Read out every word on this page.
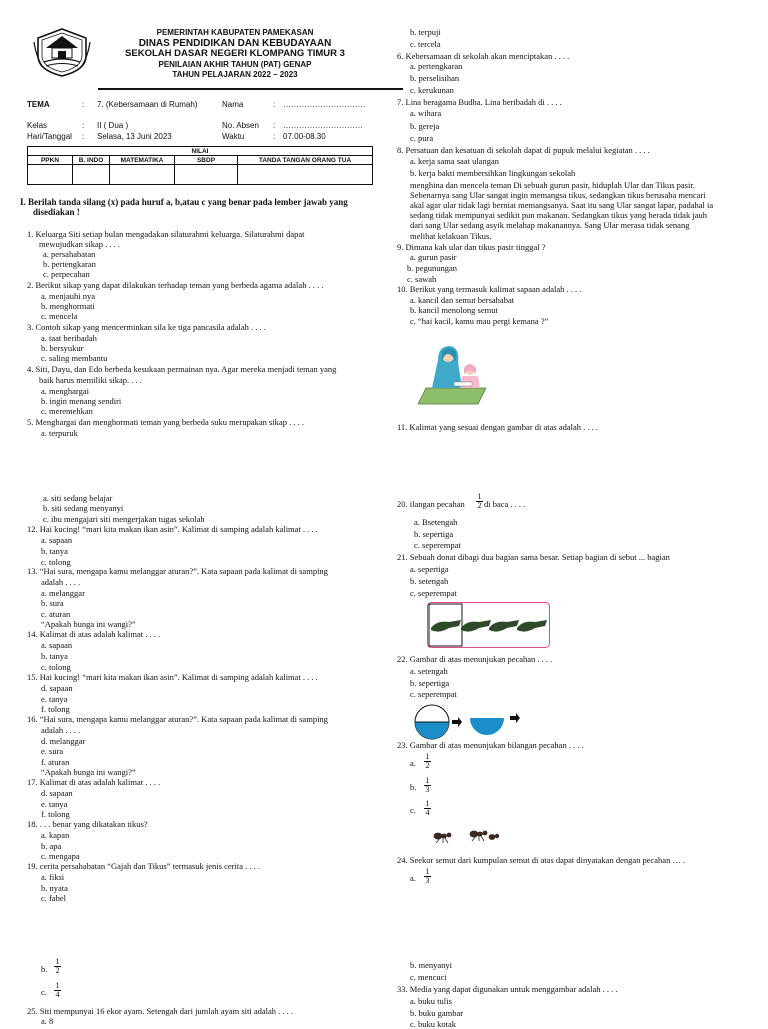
PEMERINTAH KABUPATEN PAMEKASAN
DINAS PENDIDIKAN DAN KEBUDAYAAN
SEKOLAH DASAR NEGERI KLOMPANG TIMUR 3
PENILAIAN AKHIR TAHUN (PAT) GENAP
TAHUN PELAJARAN 2022 – 2023
TEMA	: 7. (Kebersamaan di Rumah)	Nama	: ………………………….
Kelas	: II ( Dua )	No. Absen : …………………………
Hari/Tanggal : Selasa, 13 Juni 2023	Waktu	: 07.00-08.30
NILAI				
PPKN	B. INDO	MATEMATIKA	SBDP	TANDA TANGAN ORANG TUA

I. Berilah tanda silang (x) pada huruf a, b,atau c yang benar pada lember jawab yang
disediakan !
1. Keluarga Siti setiap bulan mengadakan silaturahmi keluarga. Silaturahmi dapat
mewujudkan sikap . . . .
a. persahabatan
b. pertengkaran
c. perpecahan
2. Berikut sikap yang dapat dilakukan terhadap teman yang berbeda agama adalah . . . .
a. menjauhi nya
b. menghormati
c. mencela
3. Contoh sikap yang mencerminkan sila ke tiga pancasila adalah . . . .
a. taat beribadah
b. bersyukur
c. saling membantu
4. Siti, Dayu, dan Edo berbeda kesukaan permainan nya. Agar mereka menjadi teman yang
baik harus memiliki sikap. . . .
a. menghargai
b. ingin menang sendiri
c. meremehkan
5. Menghargai dan menghormati teman yang berbeda suku merupakan sikap . . . .
a. terpuruk
b. terpuji
c. tercela
6. Kebersamaan di sekolah akan menciptakan . . . .
a. pertengkaran
b. perselisihan
c. kerukunan
7. Lina beragama Budha. Lina beribadah di . . . .
a. wihara
b. gereja
c. pura
8. Persatuan dan kesatuan di sekolah dapat di pupuk melalui kegiatan . . . .
a. kerja sama saat ulangan
b. kerja bakti membersihkan lingkungan sekolah
menghina dan mencela teman Di sebuah gurun pasir, hiduplah Ular dan Tikus pasir.
Sebenarnya sang Ular sangat ingin memangsa tikus, sedangkan tikus berusaha mencari
akal agar ular tidak lagi berniat memangsanya. Saat itu sang Ular sangat lapar, padahal ia
sedang tidak mempunyai sedikit pun makanan. Sedangkan tikus yang berada tidak jauh
dari sang Ular sedang asyik melahap makanannya. Sang Ular merasa tidak senang
melihat kelakuan Tikus.
9. Dimana kah ular dan tikus pasir tinggal ?
a. gurun pasir
b. pegunungan
c. sawah
10. Berikut yang termasuk kalimat sapaan adalah . . . .
a. kancil dan semut bersahabat
b. kancil menolong semut
c. “hai kacil, kamu mau pergi kemana ?”
11. Kalimat yang sesuai dengan gambar di atas adalah . . . .
a. siti sedang belajar
b. siti sedang menyanyi
c. ibu mengajari siti mengerjakan tugas sekolah
12. Hai kucing! “mari kita makan ikan asin”. Kalimat di samping adalah kalimat . . . .
a. sapaan
b. tanya
c. tolong
13. “Hai sura, mengapa kamu melanggar aturan?”. Kata sapaan pada kalimat di samping
adalah . . . .
a. melanggar
b. sura
c. aturan
“Apakah bunga ini wangi?”
14. Kalimat di atas adalah kalimat . . . .
a. sapaan
b. tanya
c. tolong
15. Hai kucing! “mari kita makan ikan asin”. Kalimat di samping adalah kalimat . . . .
d. sapaan
e. tanya
f. tolong
16. “Hai sura, mengapa kamu melanggar aturan?”. Kata sapaan pada kalimat di samping
adalah . . . .
d. melanggar
e. sura
f. aturan
“Apakah bunga ini wangi?”
17. Kalimat di atas adalah kalimat . . . .
d. sapaan
e. tanya
f. tolong
18. . . . benar yang dikatakan tikus?
a. kapan
b. apa
c. mengapa
19. cerita persahabatan “Gajah dan Tikus” termasuk jenis cerita . . . .
a. fiksi
b. nyata
c. fabel
20. ilangan pecahan
1
2 di baca . . . .
a. Bsetengah
b. sepertiga
c. seperempat
21. Sebuah donat dibagi dua bagian sama besar. Setiap bagian di sebut ... bagian
a. sepertiga
b. setengah
c. seperempat
22. Gambar di atas menunjukan pecahan . . . .
a. setengah
b. sepertiga
c. seperempat
23. Gambar di atas menunjukan bilangan pecahan . . . .
a.
1
2
b.
1
3
c.
1
4
24. Seekor semut dari kumpulan semut di atas dapat dinyatakan dengan pecahan … .
a.
1
3
b.
1
2
c.
1
4
25. Siti mempunyai 16 ekor ayam. Setengah dari jumlah ayam siti adalah . . . .
a. 8
b. menyanyi
c. mencuci
33. Media yang dapat digunakan untuk menggambar adalah . . . .
a. buku tulis
b. buku gambar
c. buku kotak
